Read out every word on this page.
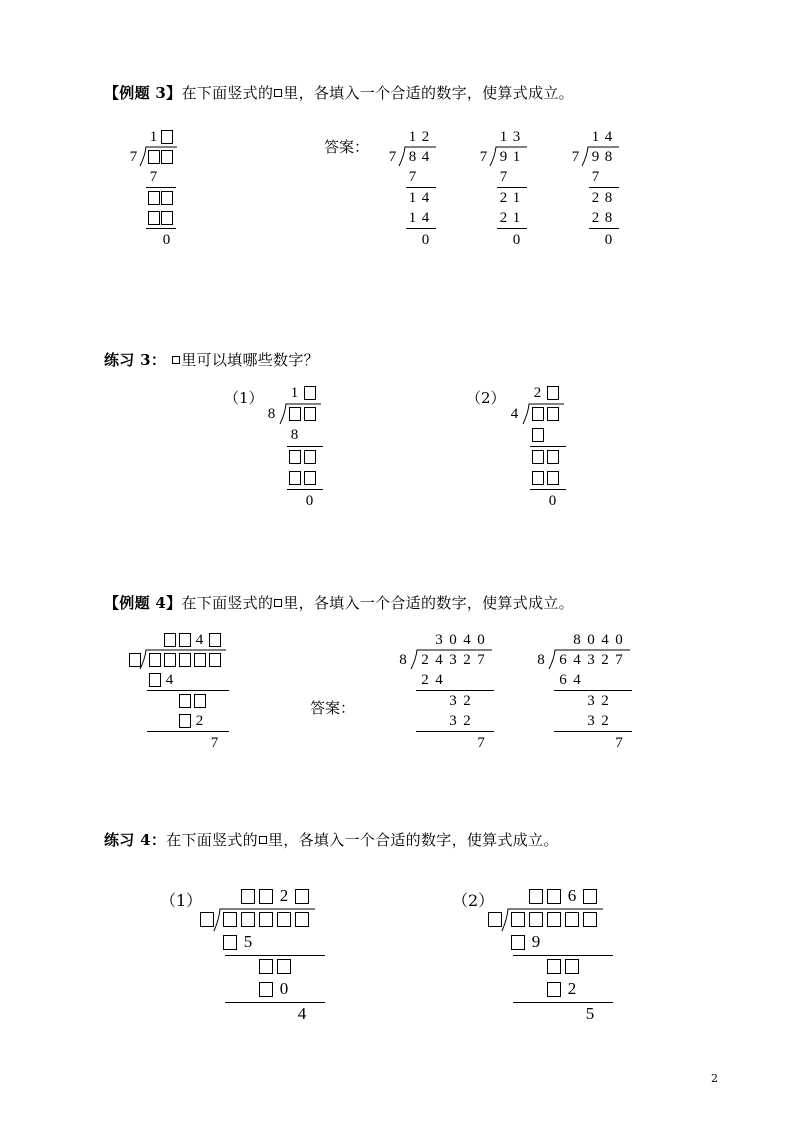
【例题 3】在下面竖式的 里，各填入一个合适的数字，使算式成立。
练习 3： 里可以填哪些数字？
【例题 4】在下面竖式的 里，各填入一个合适的数字，使算式成立。
练习 4：在下面竖式的 里，各填入一个合适的数字，使算式成立。
答案：
答案：
（1）	（2）
（1）	（2）
1
7
7
0
1 2
7 8 4
7
1 4
1 4
0
1 3
7 9 1
7
2 1
2 1
0
1 4
7 9 8
7
2 8
2 8
0
1
8
8
0
2
4
0
4
4
2
7
3 0 4 0
8 2 4 3 2 7
2 4
3 2
3 2
7
8 0 4 0
8 6 4 3 2 7
6 4
3 2
3 2
7
2
5
0
4
6
9
2
5
2
